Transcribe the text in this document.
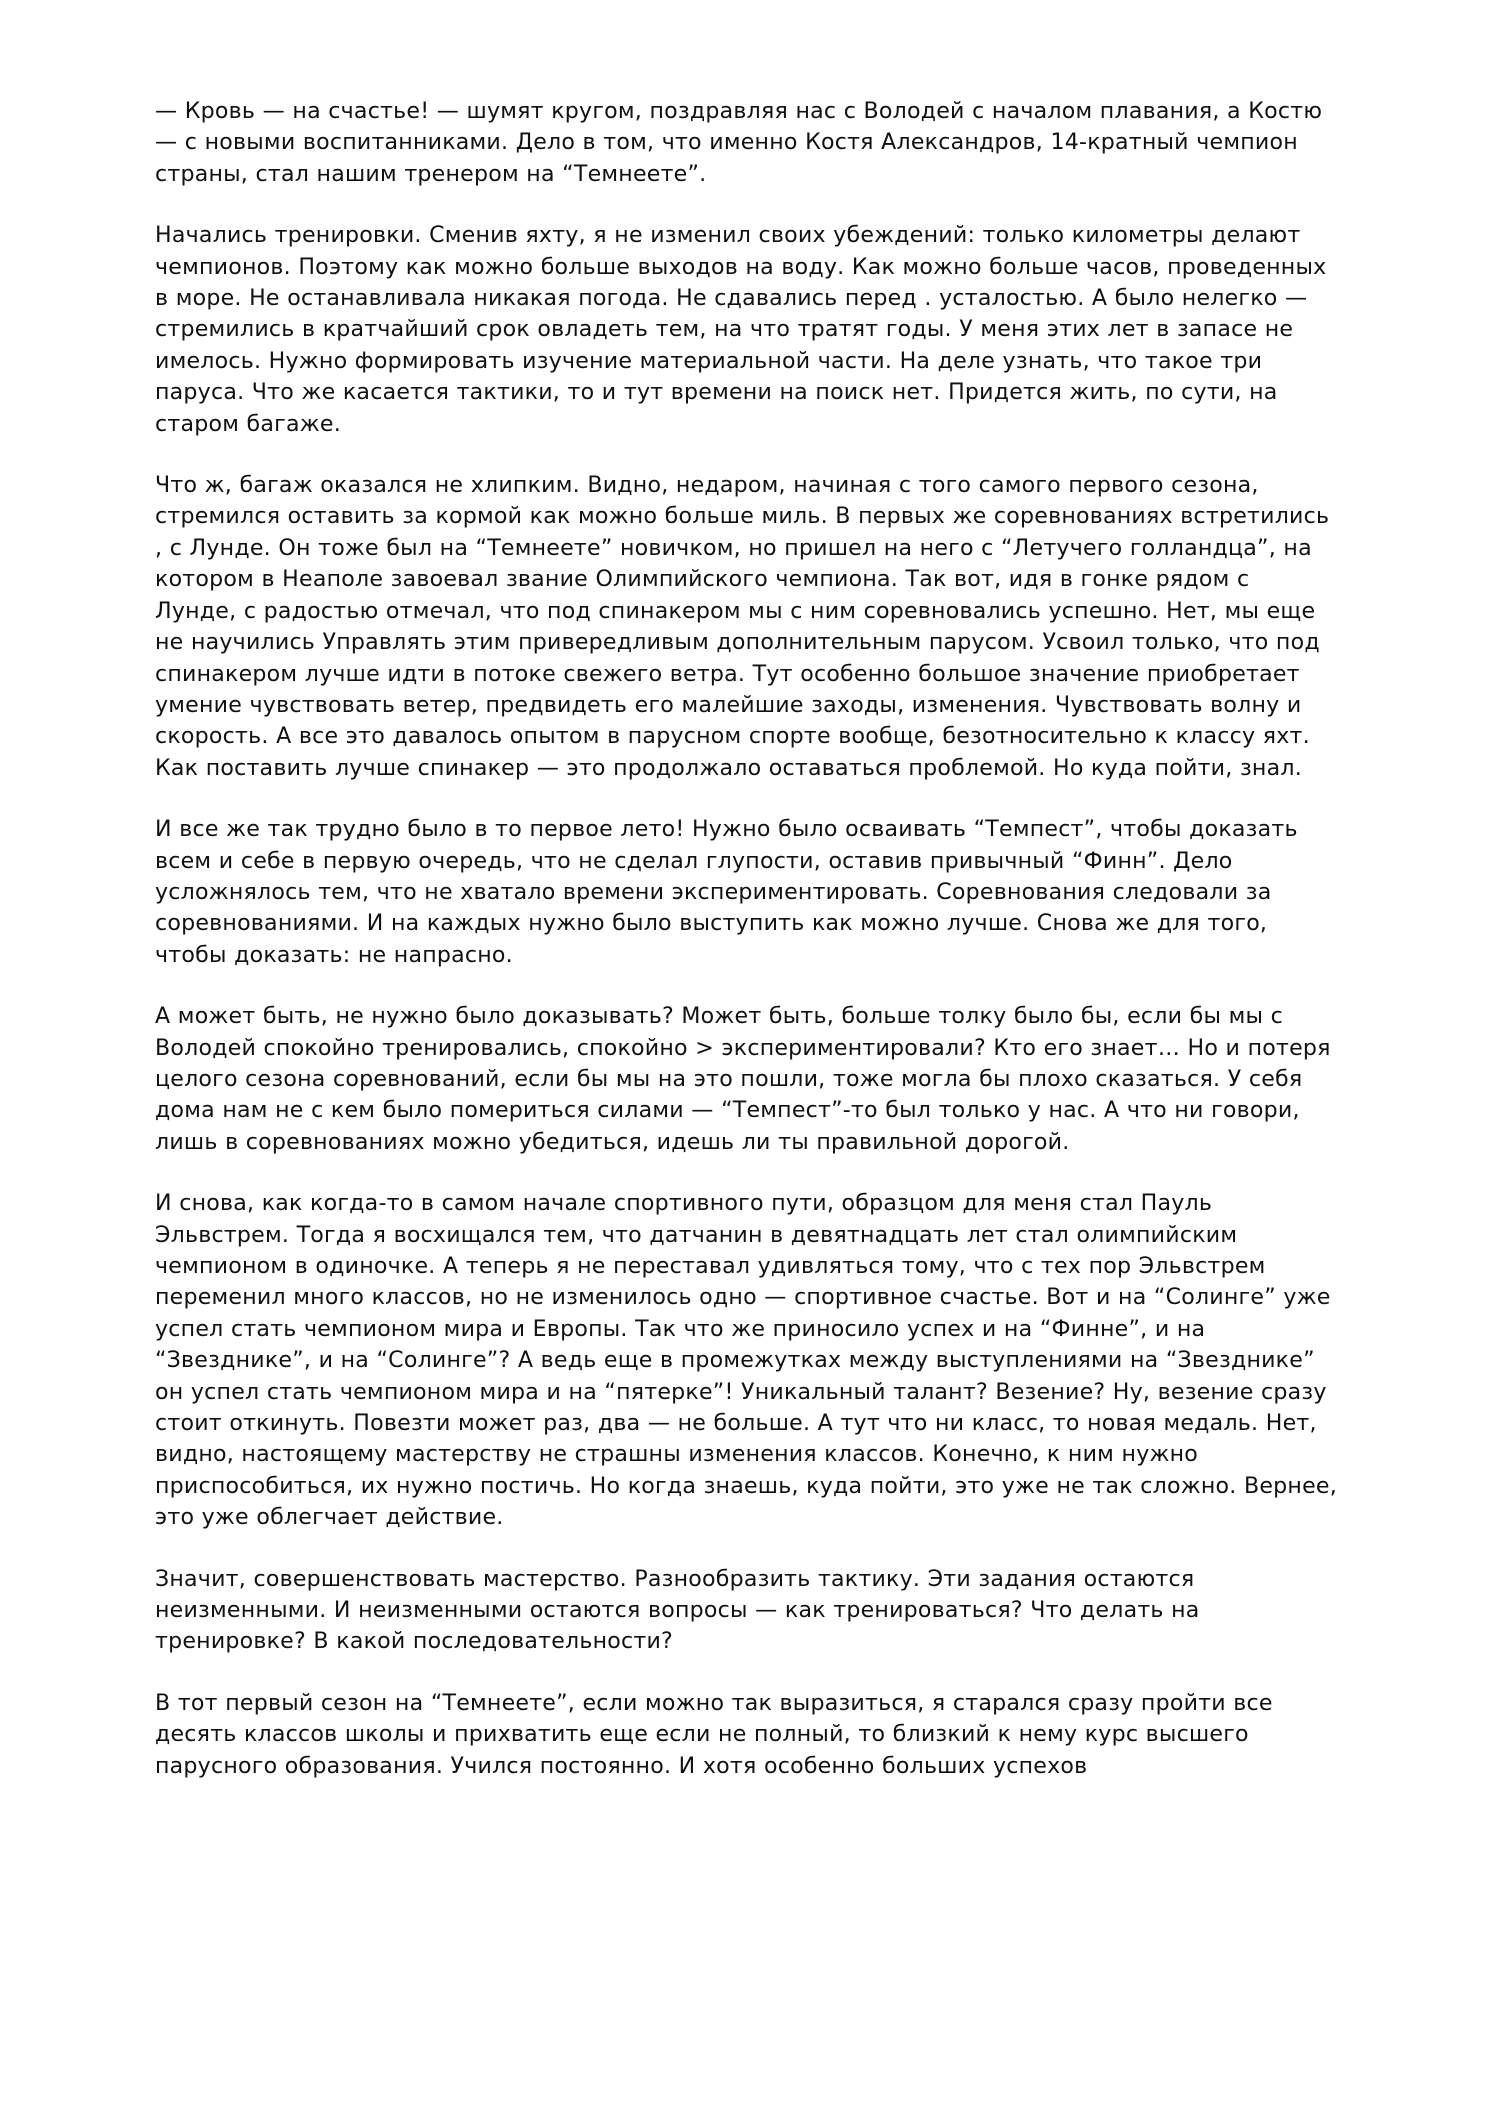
— Кровь — на счастье! — шумят кругом, поздравляя нас с Володей с началом плавания, а Костю — с новыми воспитанниками. Дело в том, что именно Костя Александров, 14-кратный чемпион страны, стал нашим тренером на “Темнеете”.

Начались тренировки. Сменив яхту, я не изменил своих убеждений: только километры делают чемпионов. Поэтому как можно больше выходов на воду. Как можно больше часов, проведенных в море. Не останавливала никакая погода. Не сдавались перед . усталостью. А было нелегко — стремились в кратчайший срок овладеть тем, на что тратят годы. У меня этих лет в запасе не имелось. Нужно формировать изучение материальной части. На деле узнать, что такое три паруса. Что же касается тактики, то и тут времени на поиск нет. Придется жить, по сути, на старом багаже.

Что ж, багаж оказался не хлипким. Видно, недаром, начиная с того самого первого сезона, стремился оставить за кормой как можно больше миль. В первых же соревнованиях встретились , с Лунде. Он тоже был на “Темнеете” новичком, но пришел на него с “Летучего голландца”, на котором в Неаполе завоевал звание Олимпийского чемпиона. Так вот, идя в гонке рядом с Лунде, с радостью отмечал, что под спинакером мы с ним соревновались успешно. Нет, мы еще не научились Управлять этим привередливым дополнительным парусом. Усвоил только, что под спинакером лучше идти в потоке свежего ветра. Тут особенно большое значение приобретает умение чувствовать ветер, предвидеть его малейшие заходы, изменения. Чувствовать волну и скорость. А все это давалось опытом в парусном спорте вообще, безотносительно к классу яхт. Как поставить лучше спинакер — это продолжало оставаться проблемой. Но куда пойти, знал.

И все же так трудно было в то первое лето! Нужно было осваивать “Темпест”, чтобы доказать всем и себе в первую очередь, что не сделал глупости, оставив привычный “Финн”. Дело усложнялось тем, что не хватало времени экспериментировать. Соревнования следовали за соревнованиями. И на каждых нужно было выступить как можно лучше. Снова же для того, чтобы доказать: не напрасно.

А может быть, не нужно было доказывать? Может быть, больше толку было бы, если бы мы с Володей спокойно тренировались, спокойно > экспериментировали? Кто его знает… Но и потеря целого сезона соревнований, если бы мы на это пошли, тоже могла бы плохо сказаться. У себя дома нам не с кем было помериться силами — “Темпест”-то был только у нас. А что ни говори, лишь в соревнованиях можно убедиться, идешь ли ты правильной дорогой.

И снова, как когда-то в самом начале спортивного пути, образцом для меня стал Пауль Эльвстрем. Тогда я восхищался тем, что датчанин в девятнадцать лет стал олимпийским чемпионом в одиночке. А теперь я не переставал удивляться тому, что с тех пор Эльвстрем переменил много классов, но не изменилось одно — спортивное счастье. Вот и на “Солинге” уже успел стать чемпионом мира и Европы. Так что же приносило успех и на “Финне”, и на “Звезднике”, и на “Солинге”? А ведь еще в промежутках между выступлениями на “Звезднике” он успел стать чемпионом мира и на “пятерке”! Уникальный талант? Везение? Ну, везение сразу стоит откинуть. Повезти может раз, два — не больше. А тут что ни класс, то новая медаль. Нет, видно, настоящему мастерству не страшны изменения классов. Конечно, к ним нужно приспособиться, их нужно постичь. Но когда знаешь, куда пойти, это уже не так сложно. Вернее, это уже облегчает действие.

Значит, совершенствовать мастерство. Разнообразить тактику. Эти задания остаются неизменными. И неизменными остаются вопросы — как тренироваться? Что делать на тренировке? В какой последовательности?

В тот первый сезон на “Темнеете”, если можно так выразиться, я старался сразу пройти все десять классов школы и прихватить еще если не полный, то близкий к нему курс высшего парусного образования. Учился постоянно. И хотя особенно больших успехов
